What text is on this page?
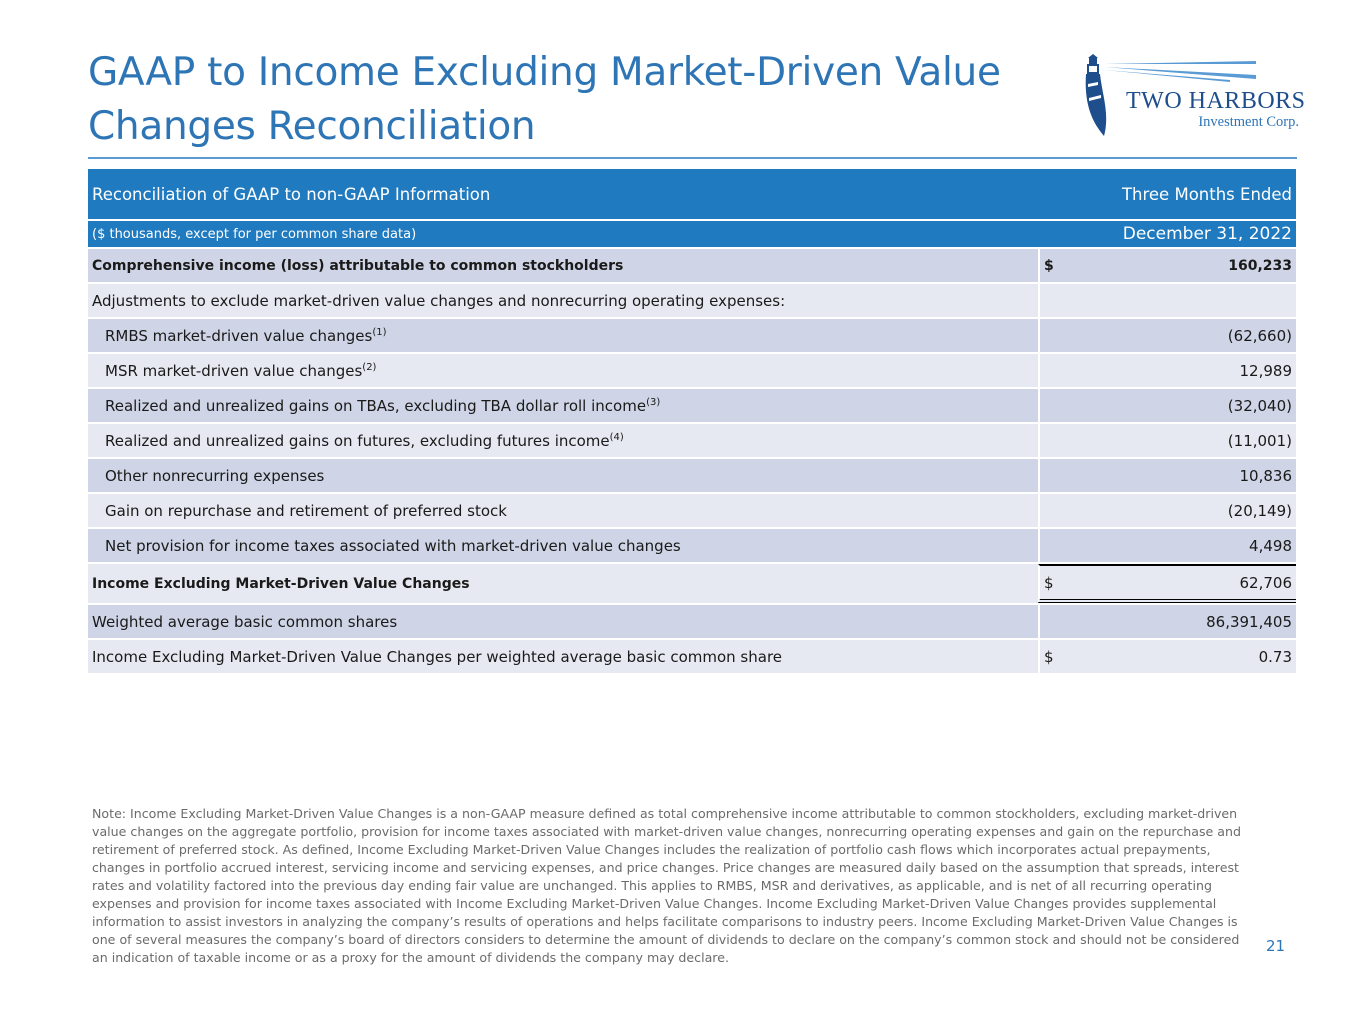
GAAP to Income Excluding Market-Driven Value Changes Reconciliation
TWO HARBORS
Investment Corp.
Reconciliation of GAAP to non-GAAP Information		Three Months Ended
($ thousands, except for per common share data)		December 31, 2022
Comprehensive income (loss) attributable to common stockholders	$	160,233
Adjustments to exclude market-driven value changes and nonrecurring operating expenses:		
RMBS market-driven value changes$^{(1)}$		(62,660)
MSR market-driven value changes$^{(2)}$		12,989
Realized and unrealized gains on TBAs, excluding TBA dollar roll income$^{(3)}$		(32,040)
Realized and unrealized gains on futures, excluding futures income$^{(4)}$		(11,001)
Other nonrecurring expenses		10,836
Gain on repurchase and retirement of preferred stock		(20,149)
Net provision for income taxes associated with market-driven value changes		4,498
Income Excluding Market-Driven Value Changes	$	62,706
Weighted average basic common shares		86,391,405
Income Excluding Market-Driven Value Changes per weighted average basic common share	$	0.73
Note: Income Excluding Market-Driven Value Changes is a non-GAAP measure defined as total comprehensive income attributable to common stockholders, excluding market-driven value changes on the aggregate portfolio, provision for income taxes associated with market-driven value changes, nonrecurring operating expenses and gain on the repurchase and retirement of preferred stock. As defined, Income Excluding Market-Driven Value Changes includes the realization of portfolio cash flows which incorporates actual prepayments, changes in portfolio accrued interest, servicing income and servicing expenses, and price changes. Price changes are measured daily based on the assumption that spreads, interest rates and volatility factored into the previous day ending fair value are unchanged. This applies to RMBS, MSR and derivatives, as applicable, and is net of all recurring operating expenses and provision for income taxes associated with Income Excluding Market-Driven Value Changes. Income Excluding Market-Driven Value Changes provides supplemental information to assist investors in analyzing the company’s results of operations and helps facilitate comparisons to industry peers. Income Excluding Market-Driven Value Changes is one of several measures the company’s board of directors considers to determine the amount of dividends to declare on the company’s common stock and should not be considered an indication of taxable income or as a proxy for the amount of dividends the company may declare.
21
